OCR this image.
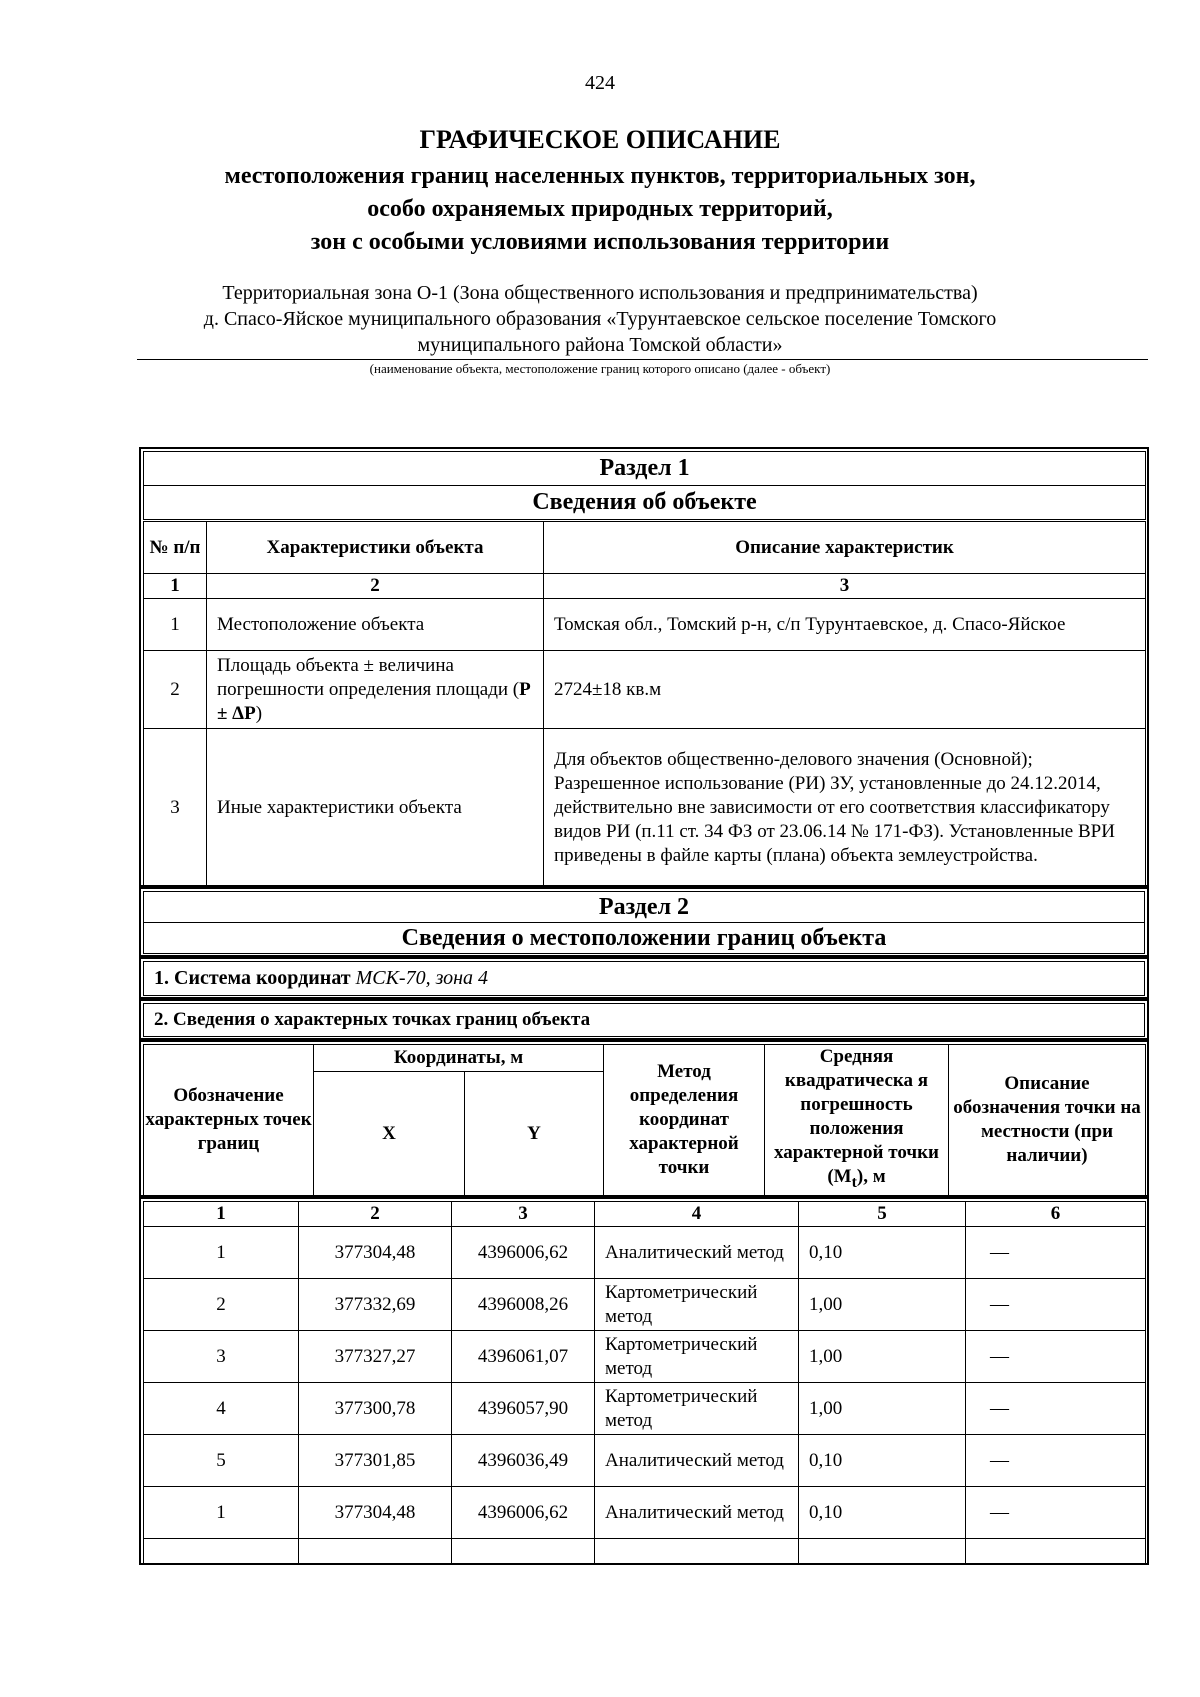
424
ГРАФИЧЕСКОЕ ОПИСАНИЕ
местоположения границ населенных пунктов, территориальных зон,
особо охраняемых природных территорий,
зон с особыми условиями использования территории
Территориальная зона О-1 (Зона общественного использования и предпринимательства)
д. Спасо-Яйское муниципального образования «Турунтаевское сельское поселение Томского
муниципального района Томской области»
(наименование объекта, местоположение границ которого описано (далее - объект)
Раздел 1
Сведения об объекте
№ п/п	Характеристики объекта	Описание характеристик
1	2	3
1	Местоположение объекта	Томская обл., Томский р-н, с/п Турунтаевское, д. Спасо-Яйское
2	Площадь объекта ± величина погрешности определения площади (Р ± ΔР)	2724±18 кв.м
3	Иные характеристики объекта	Для объектов общественно-делового значения (Основной); Разрешенное использование (РИ) ЗУ, установленные до 24.12.2014, действительно вне зависимости от его соответствия классификатору видов РИ (п.11 ст. 34 ФЗ от 23.06.14 № 171-ФЗ). Установленные ВРИ приведены в файле карты (плана) объекта землеустройства.
Раздел 2
Сведения о местоположении границ объекта
1. Система координат МСК-70, зона 4
2. Сведения о характерных точках границ объекта
Обозначение характерных точек границ	Координаты, м		Метод определения координат характерной точки	Средняя квадратическа я погрешность положения характерной точки $(M_t)$, м	Описание обозначения точки на местности (при наличии)
	X	Y			
1	2	3	4	5	6
1	377304,48	4396006,62	Аналитический метод	0,10	—
2	377332,69	4396008,26	Картометрический метод	1,00	—
3	377327,27	4396061,07	Картометрический метод	1,00	—
4	377300,78	4396057,90	Картометрический метод	1,00	—
5	377301,85	4396036,49	Аналитический метод	0,10	—
1	377304,48	4396006,62	Аналитический метод	0,10	—
